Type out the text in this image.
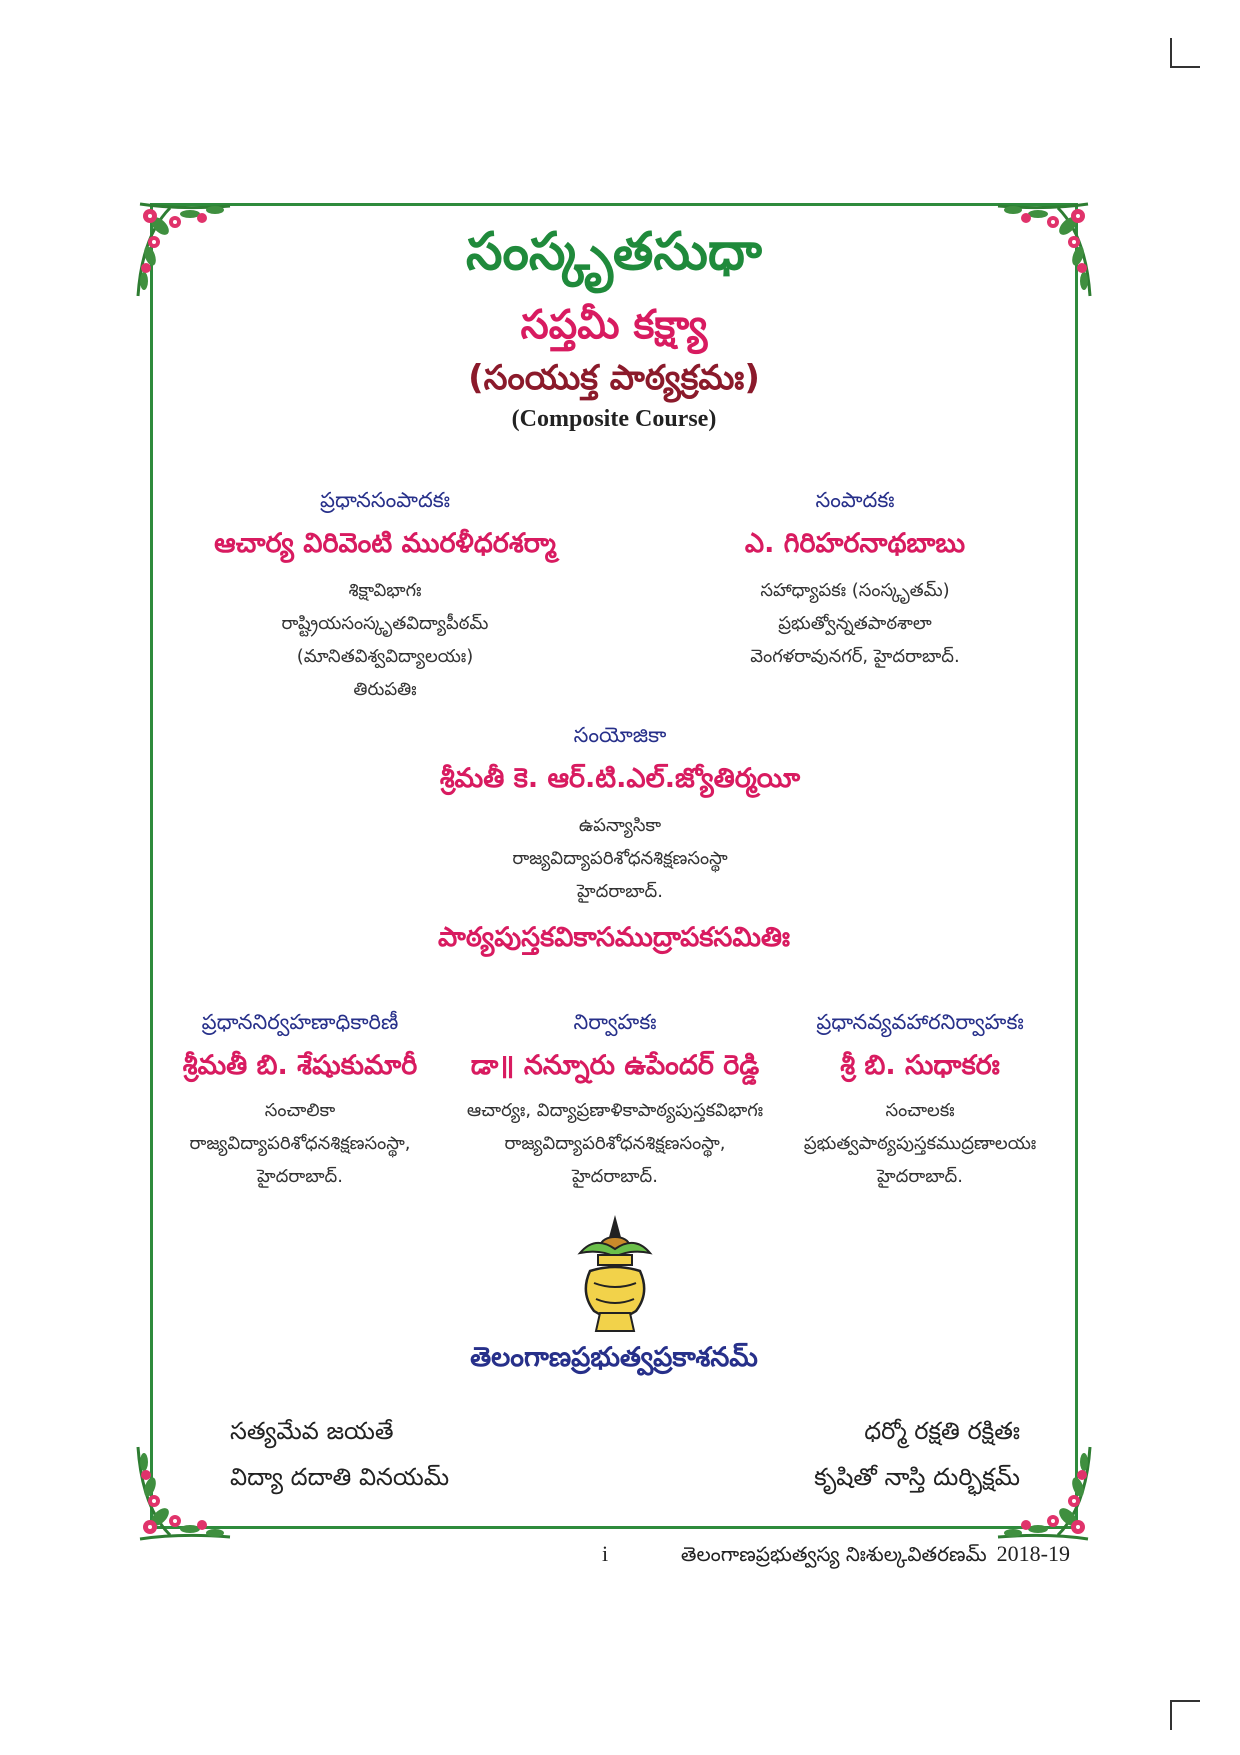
సంస్కృతసుధా
సప్తమీ కక్ష్యా
(సంయుక్త పాఠ్యక్రమః)
(Composite Course)
ప్రధానసంపాదకః
ఆచార్య విరివెంటి మురళీధరశర్మా
శిక్షావిభాగః
రాష్ట్రియసంస్కృతవిద్యాపీఠమ్
(మానితవిశ్వవిద్యాలయః)
తిరుపతిః
సంపాదకః
ఎ. గిరిహరనాథబాబు
సహాధ్యాపకః (సంస్కృతమ్)
ప్రభుత్వోన్నతపాఠశాలా
వెంగళరావునగర్, హైదరాబాద్.
సంయోజికా
శ్రీమతీ కె. ఆర్.టి.ఎల్.జ్యోతిర్మయీ
ఉపన్యాసికా
రాజ్యవిద్యాపరిశోధనశిక్షణసంస్థా
హైదరాబాద్.
పాఠ్యపుస్తకవికాసముద్రాపకసమితిః
ప్రధాననిర్వహణాధికారిణీ
శ్రీమతీ బి. శేషుకుమారీ
సంచాలికా
రాజ్యవిద్యాపరిశోధనశిక్షణసంస్థా,
హైదరాబాద్.
నిర్వాహకః
డా॥ నన్నూరు ఉపేందర్ రెడ్డి
ఆచార్యః, విద్యాప్రణాళికాపాఠ్యపుస్తకవిభాగః
రాజ్యవిద్యాపరిశోధనశిక్షణసంస్థా,
హైదరాబాద్.
ప్రధానవ్యవహారనిర్వాహకః
శ్రీ బి. సుధాకరః
సంచాలకః
ప్రభుత్వపాఠ్యపుస్తకముద్రణాలయః
హైదరాబాద్.
తెలంగాణప్రభుత్వప్రకాశనమ్
సత్యమేవ జయతే
విద్యా దదాతి వినయమ్
ధర్మో రక్షతి రక్షితః
కృషితో నాస్తి దుర్భిక్షమ్
i	తెలంగాణప్రభుత్వస్య నిఃశుల్కవితరణమ్ 2018-19
